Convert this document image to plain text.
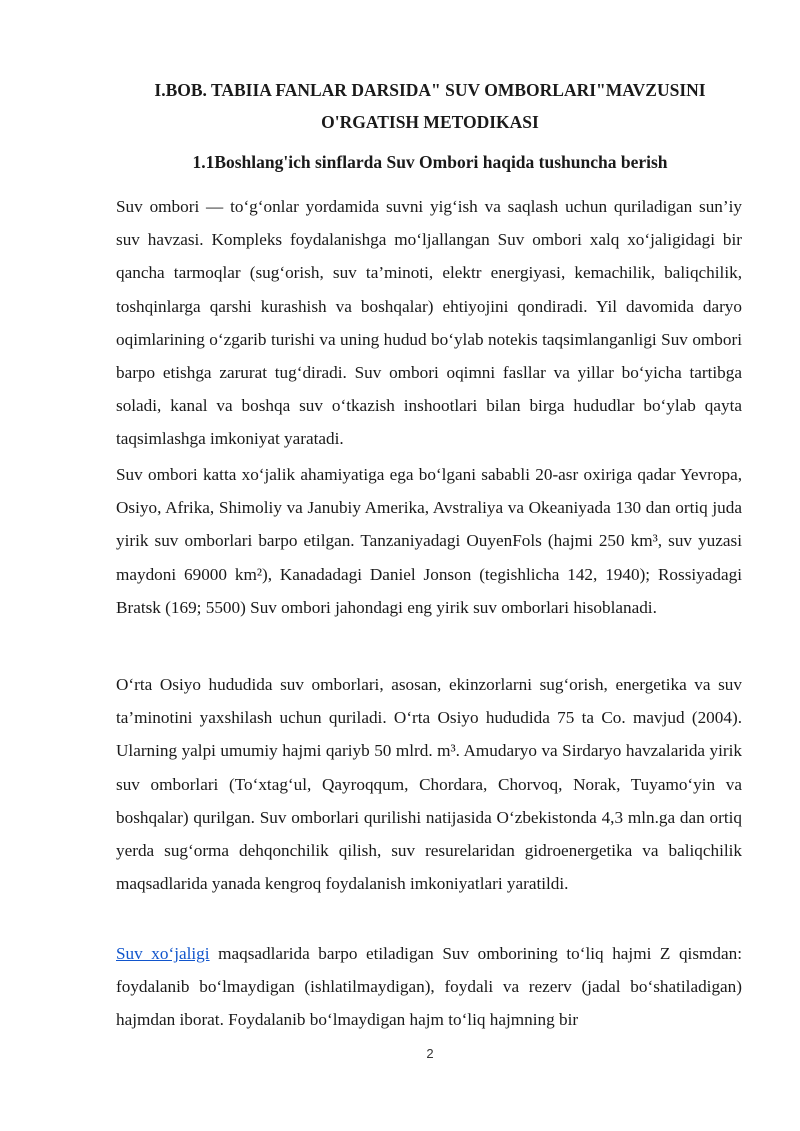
I.BOB. TABIIA FANLAR DARSIDA" SUV OMBORLARI"MAVZUSINI
O'RGATISH METODIKASI
1.1Boshlang'ich sinflarda Suv Ombori haqida tushuncha berish

Suv ombori — to‘g‘onlar yordamida suvni yig‘ish va saqlash uchun quriladigan sun’iy suv havzasi. Kompleks foydalanishga mo‘ljallangan Suv ombori xalq xo‘jaligidagi bir qancha tarmoqlar (sug‘orish, suv ta’minoti, elektr energiyasi, kemachilik, baliqchilik, toshqinlarga qarshi kurashish va boshqalar) ehtiyojini qondiradi. Yil davomida daryo oqimlarining o‘zgarib turishi va uning hudud bo‘ylab notekis taqsimlanganligi Suv ombori barpo etishga zarurat tug‘diradi. Suv ombori oqimni fasllar va yillar bo‘yicha tartibga soladi, kanal va boshqa suv o‘tkazish inshootlari bilan birga hududlar bo‘ylab qayta taqsimlashga imkoniyat yaratadi.

Suv ombori katta xo‘jalik ahamiyatiga ega bo‘lgani sababli 20-asr oxiriga qadar Yevropa, Osiyo, Afrika, Shimoliy va Janubiy Amerika, Avstraliya va Okeaniyada 130 dan ortiq juda yirik suv omborlari barpo etilgan. Tanzaniyadagi OuyenFols (hajmi 250 km³, suv yuzasi maydoni 69000 km²), Kanadadagi Daniel Jonson (tegishlicha 142, 1940); Rossiyadagi Bratsk (169; 5500) Suv ombori jahondagi eng yirik suv omborlari hisoblanadi.

O‘rta Osiyo hududida suv omborlari, asosan, ekinzorlarni sug‘orish, energetika va suv ta’minotini yaxshilash uchun quriladi. O‘rta Osiyo hududida 75 ta Co. mavjud (2004). Ularning yalpi umumiy hajmi qariyb 50 mlrd. m³. Amudaryo va Sirdaryo havzalarida yirik suv omborlari (To‘xtag‘ul, Qayroqqum, Chordara, Chorvoq, Norak, Tuyamo‘yin va boshqalar) qurilgan. Suv omborlari qurilishi natijasida O‘zbekistonda 4,3 mln.ga dan ortiq yerda sug‘orma dehqonchilik qilish, suv resurelaridan gidroenergetika va baliqchilik maqsadlarida yanada kengroq foydalanish imkoniyatlari yaratildi.

Suv xo‘jaligi maqsadlarida barpo etiladigan Suv omborining to‘liq hajmi Z qismdan: foydalanib bo‘lmaydigan (ishlatilmaydigan), foydali va rezerv (jadal bo‘shatiladigan) hajmdan iborat. Foydalanib bo‘lmaydigan hajm to‘liq hajmning bir

2
